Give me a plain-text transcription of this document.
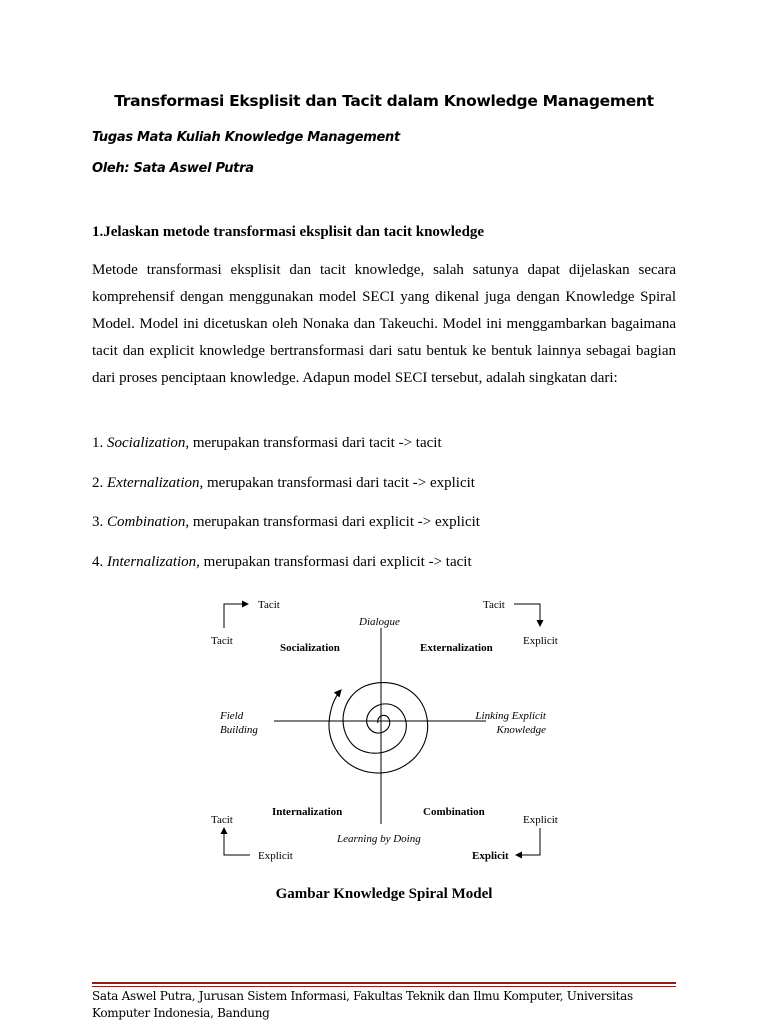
Transformasi Eksplisit dan Tacit dalam Knowledge Management
Tugas Mata Kuliah Knowledge Management
Oleh: Sata Aswel Putra
1.Jelaskan metode transformasi eksplisit dan tacit knowledge
Metode transformasi eksplisit dan tacit knowledge, salah satunya dapat dijelaskan secara komprehensif dengan menggunakan model SECI yang dikenal juga dengan Knowledge Spiral Model. Model ini dicetuskan oleh Nonaka dan Takeuchi. Model ini menggambarkan bagaimana tacit dan explicit knowledge bertransformasi dari satu bentuk ke bentuk lainnya sebagai bagian dari proses penciptaan knowledge. Adapun model SECI tersebut, adalah singkatan dari:
1. Socialization, merupakan transformasi dari tacit -> tacit
2. Externalization, merupakan transformasi dari tacit -> explicit
3. Combination, merupakan transformasi dari explicit -> explicit
4. Internalization, merupakan transformasi dari explicit -> tacit
Tacit
Tacit
Tacit
Explicit
Tacit
Explicit
Explicit
Explicit
Socialization	Externalization
Internalization	Combination
Dialogue
Learning by Doing
Field
Building
Linking Explicit
Knowledge
Gambar Knowledge Spiral Model
Sata Aswel Putra, Jurusan Sistem Informasi, Fakultas Teknik dan Ilmu Komputer, Universitas Komputer Indonesia, Bandung
